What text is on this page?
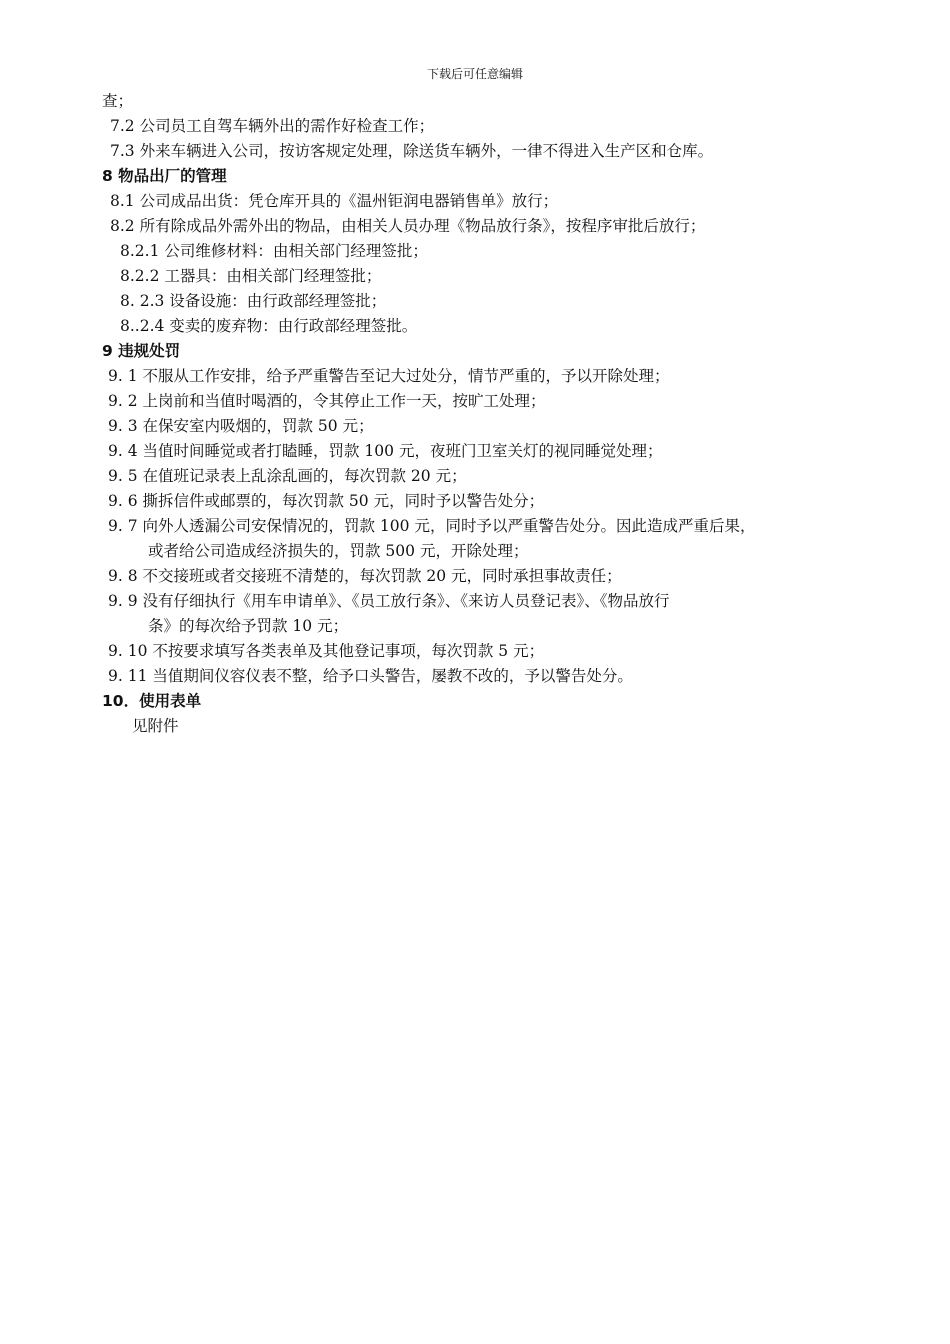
下载后可任意编辑
查；
7.2 公司员工自驾车辆外出的需作好检查工作；
7.3 外来车辆进入公司，按访客规定处理，除送货车辆外，一律不得进入生产区和仓库。
8 物品出厂的管理
8.1 公司成品出货：凭仓库开具的《温州钜润电器销售单》放行；
8.2 所有除成品外需外出的物品，由相关人员办理《物品放行条》，按程序审批后放行；
8.2.1 公司维修材料：由相关部门经理签批；
8.2.2 工器具：由相关部门经理签批；
8. 2.3 设备设施：由行政部经理签批；
8..2.4 变卖的废弃物：由行政部经理签批。
9 违规处罚
9. 1 不服从工作安排，给予严重警告至记大过处分，情节严重的，予以开除处理；
9. 2 上岗前和当值时喝酒的，令其停止工作一天，按旷工处理；
9. 3 在保安室内吸烟的，罚款 50 元；
9. 4 当值时间睡觉或者打瞌睡，罚款 100 元，夜班门卫室关灯的视同睡觉处理；
9. 5 在值班记录表上乱涂乱画的，每次罚款 20 元；
9. 6 撕拆信件或邮票的，每次罚款 50 元，同时予以警告处分；
9. 7 向外人透漏公司安保情况的，罚款 100 元，同时予以严重警告处分。因此造成严重后果，
或者给公司造成经济损失的，罚款 500 元，开除处理；
9. 8 不交接班或者交接班不清楚的，每次罚款 20 元，同时承担事故责任；
9. 9 没有仔细执行《用车申请单》、《员工放行条》、《来访人员登记表》、《物品放行
条》的每次给予罚款 10 元；
9. 10 不按要求填写各类表单及其他登记事项，每次罚款 5 元；
9. 11 当值期间仪容仪表不整，给予口头警告，屡教不改的，予以警告处分。
10．使用表单
见附件
